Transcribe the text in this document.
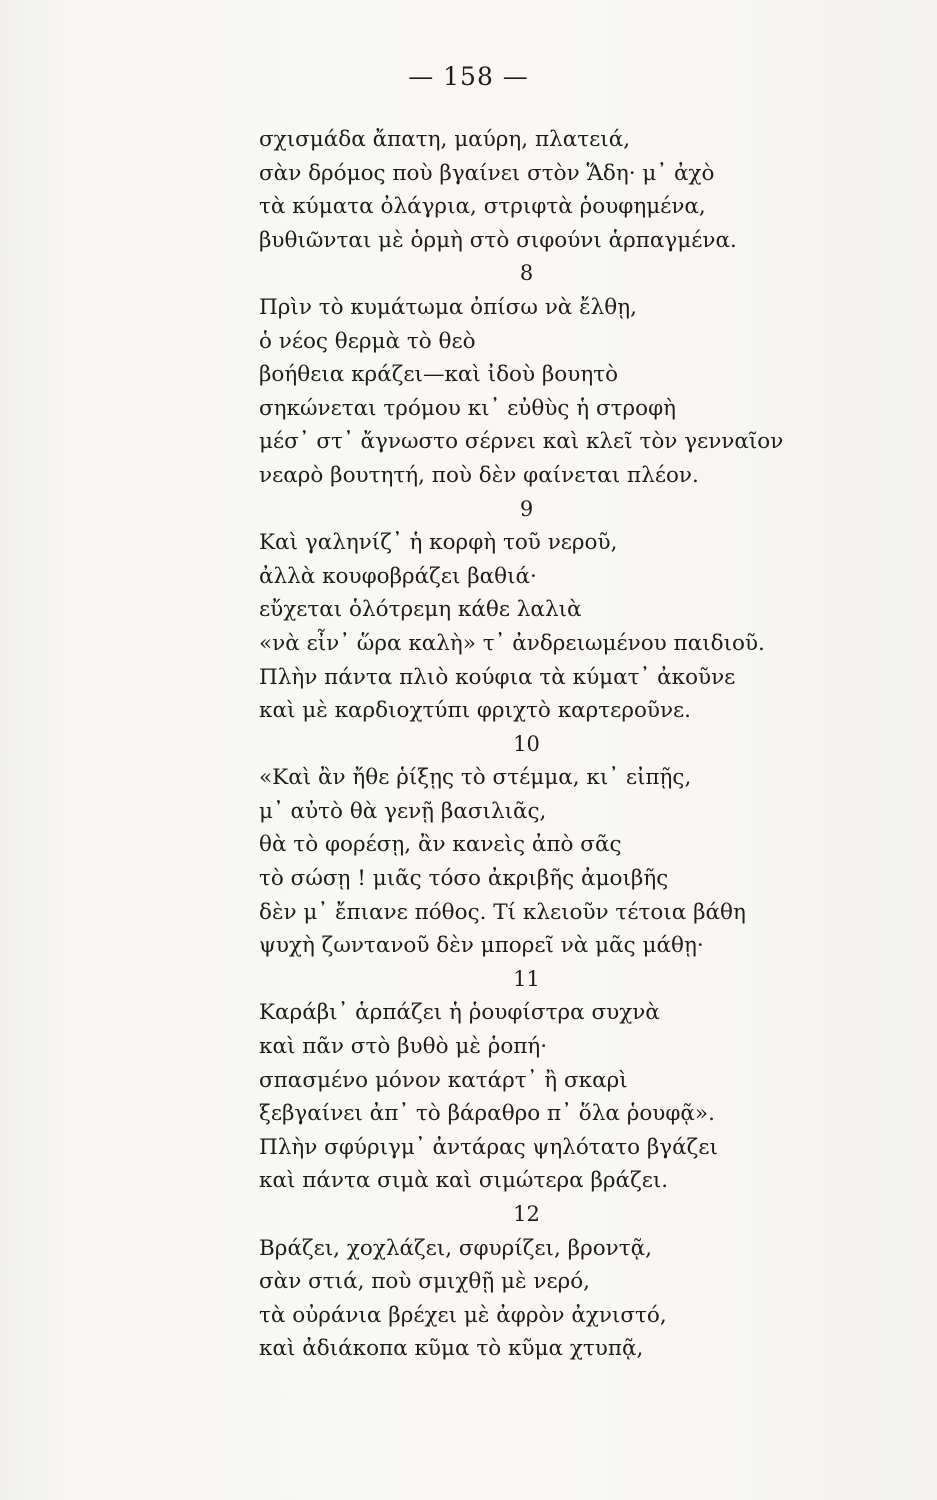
— 158 —
σχισμάδα ἄπατη, μαύρη, πλατειά,
σὰν δρόμος ποὺ βγαίνει στὸν Ἅδη· μ᾽ ἀχὸ
τὰ κύματα ὀλάγρια, στριφτὰ ῥουφημένα,
βυθιῶνται μὲ ὁρμὴ στὸ σιφούνι ἁρπαγμένα.
8
Πρὶν τὸ κυμάτωμα ὀπίσω νὰ ἔλθῃ,
ὁ νέος θερμὰ τὸ θεὸ
βοήθεια κράζει—καὶ ἰδοὺ βουητὸ
σηκώνεται τρόμου κι᾽ εὐθὺς ἡ στροφὴ
μέσ᾽ στ᾽ ἄγνωστο σέρνει καὶ κλεῖ τὸν γενναῖον
νεαρὸ βουτητή, ποὺ δὲν φαίνεται πλέον.
9
Καὶ γαληνίζ᾽ ἡ κορφὴ τοῦ νεροῦ,
ἀλλὰ κουφοβράζει βαθιά·
εὔχεται ὁλότρεμη κάθε λαλιὰ
«νὰ εἶν᾽ ὥρα καλὴ» τ᾽ ἀνδρειωμένου παιδιοῦ.
Πλὴν πάντα πλιὸ κούφια τὰ κύματ᾽ ἀκοῦνε
καὶ μὲ καρδιοχτύπι φριχτὸ καρτεροῦνε.
10
«Καὶ ἂν ἤθε ῥίξῃς τὸ στέμμα, κι᾽ εἰπῇς,
μ᾽ αὐτὸ θὰ γενῇ βασιλιᾶς,
θὰ τὸ φορέσῃ, ἂν κανεὶς ἀπὸ σᾶς
τὸ σώσῃ ! μιᾶς τόσο ἀκριβῆς ἀμοιβῆς
δὲν μ᾽ ἔπιανε πόθος. Τί κλειοῦν τέτοια βάθη
ψυχὴ ζωντανοῦ δὲν μπορεῖ νὰ μᾶς μάθῃ·
11
Καράβι᾽ ἁρπάζει ἡ ῥουφίστρα συχνὰ
καὶ πᾶν στὸ βυθὸ μὲ ῥοπή·
σπασμένο μόνον κατάρτ᾽ ἢ σκαρὶ
ξεβγαίνει ἀπ᾽ τὸ βάραθρο π᾽ ὅλα ῥουφᾷ».
Πλὴν σφύριγμ᾽ ἀντάρας ψηλότατο βγάζει
καὶ πάντα σιμὰ καὶ σιμώτερα βράζει.
12
Βράζει, χοχλάζει, σφυρίζει, βροντᾷ,
σὰν στιά, ποὺ σμιχθῇ μὲ νερό,
τὰ οὐράνια βρέχει μὲ ἀφρὸν ἀχνιστό,
καὶ ἀδιάκοπα κῦμα τὸ κῦμα χτυπᾷ,
